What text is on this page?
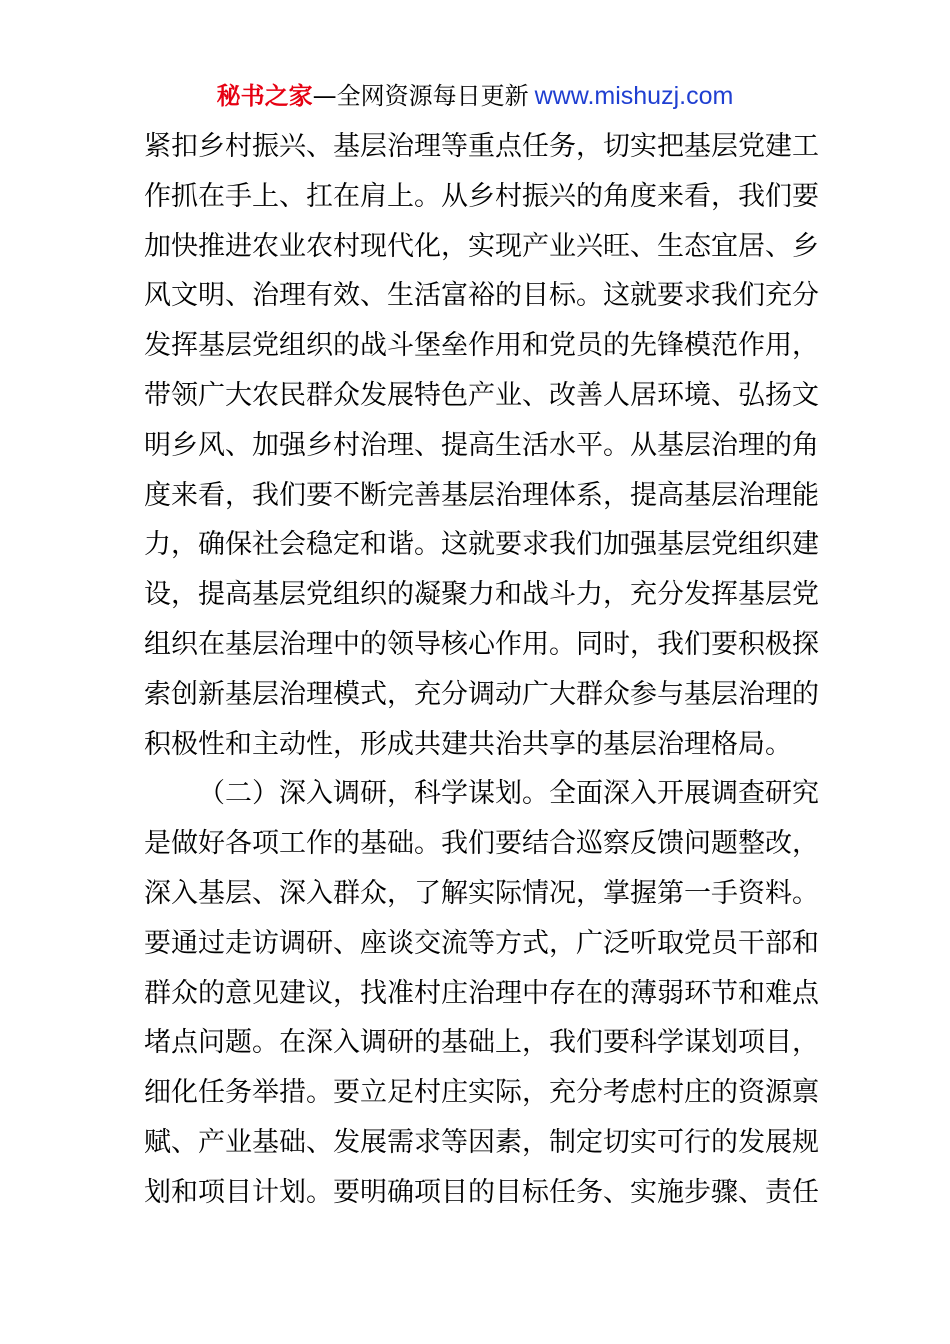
秘书之家—全网资源每日更新 www.mishuzj.com
紧扣乡村振兴、基层治理等重点任务，切实把基层党建工
作抓在手上、扛在肩上。从乡村振兴的角度来看，我们要
加快推进农业农村现代化，实现产业兴旺、生态宜居、乡
风文明、治理有效、生活富裕的目标。这就要求我们充分
发挥基层党组织的战斗堡垒作用和党员的先锋模范作用，
带领广大农民群众发展特色产业、改善人居环境、弘扬文
明乡风、加强乡村治理、提高生活水平。从基层治理的角
度来看，我们要不断完善基层治理体系，提高基层治理能
力，确保社会稳定和谐。这就要求我们加强基层党组织建
设，提高基层党组织的凝聚力和战斗力，充分发挥基层党
组织在基层治理中的领导核心作用。同时，我们要积极探
索创新基层治理模式，充分调动广大群众参与基层治理的
积极性和主动性，形成共建共治共享的基层治理格局。
（二）深入调研，科学谋划。全面深入开展调查研究
是做好各项工作的基础。我们要结合巡察反馈问题整改，
深入基层、深入群众，了解实际情况，掌握第一手资料。
要通过走访调研、座谈交流等方式，广泛听取党员干部和
群众的意见建议，找准村庄治理中存在的薄弱环节和难点
堵点问题。在深入调研的基础上，我们要科学谋划项目，
细化任务举措。要立足村庄实际，充分考虑村庄的资源禀
赋、产业基础、发展需求等因素，制定切实可行的发展规
划和项目计划。要明确项目的目标任务、实施步骤、责任
